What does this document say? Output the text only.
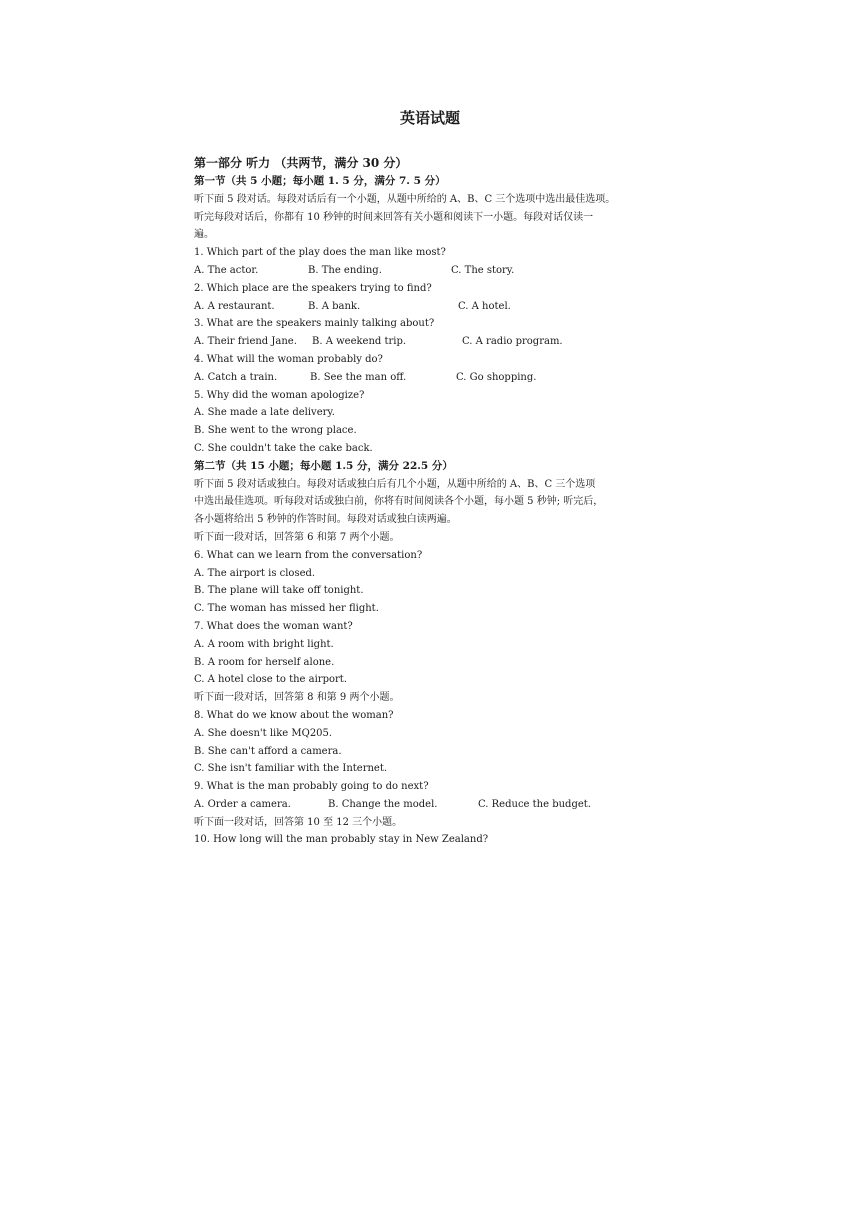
英语试题
第一部分 听力 （共两节，满分 30 分）
第一节（共 5 小题；每小题 1. 5 分，满分 7. 5 分）
听下面 5 段对话。每段对话后有一个小题，从题中所给的 A、B、C 三个选项中选出最佳选项。
听完每段对话后，你都有 10 秒钟的时间来回答有关小题和阅读下一小题。每段对话仅读一
遍。
1. Which part of the play does the man like most?
A. The actor.	B. The ending.	C. The story.
2. Which place are the speakers trying to find?
A. A restaurant.	B. A bank.	C. A hotel.
3. What are the speakers mainly talking about?
A. Their friend Jane.	B. A weekend trip.	C. A radio program.
4. What will the woman probably do?
A. Catch a train.	B. See the man off.	C. Go shopping.
5. Why did the woman apologize?
A. She made a late delivery.
B. She went to the wrong place.
C. She couldn't take the cake back.
第二节（共 15 小题；每小题 1.5 分，满分 22.5 分）
听下面 5 段对话或独白。每段对话或独白后有几个小题，从题中所给的 A、B、C 三个选项
中选出最佳选项。听每段对话或独白前，你将有时间阅读各个小题，每小题 5 秒钟; 听完后，
各小题将给出 5 秒钟的作答时间。每段对话或独白读两遍。
听下面一段对话，回答第 6 和第 7 两个小题。
6. What can we learn from the conversation?
A. The airport is closed.
B. The plane will take off tonight.
C. The woman has missed her flight.
7. What does the woman want?
A. A room with bright light.
B. A room for herself alone.
C. A hotel close to the airport.
听下面一段对话，回答第 8 和第 9 两个小题。
8. What do we know about the woman?
A. She doesn't like MQ205.
B. She can't afford a camera.
C. She isn't familiar with the Internet.
9. What is the man probably going to do next?
A. Order a camera.	B. Change the model.	C. Reduce the budget.
听下面一段对话，回答第 10 至 12 三个小题。
10. How long will the man probably stay in New Zealand?
